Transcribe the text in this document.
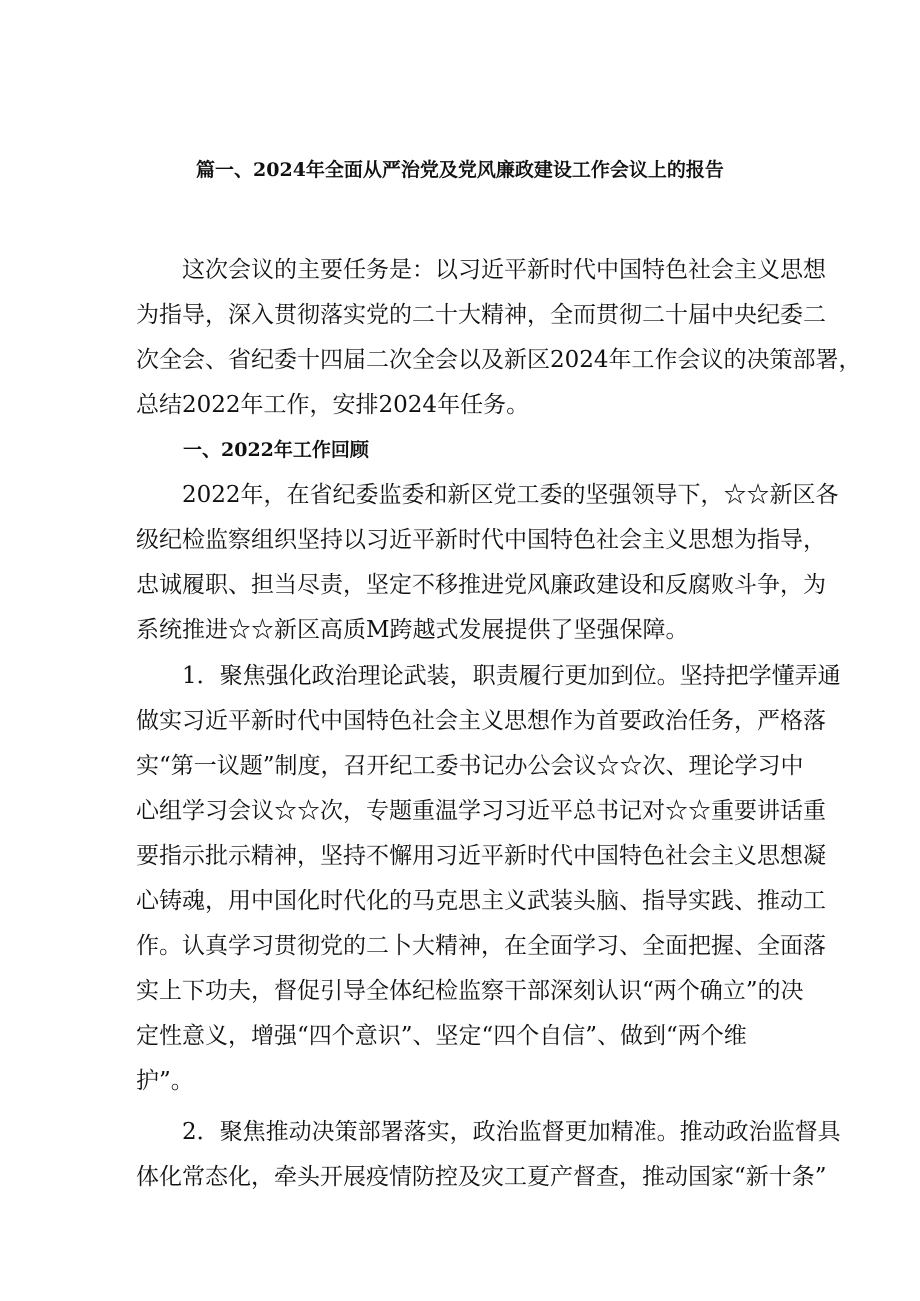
篇一、2024年全面从严治党及党风廉政建设工作会议上的报告
这次会议的主要任务是：以习近平新时代中国特色社会主义思想
为指导，深入贯彻落实党的二十大精神，全而贯彻二十届中央纪委二
次全会、省纪委十四届二次全会以及新区2024年工作会议的决策部署，
总结2022年工作，安排2024年任务。
一、2022年工作回顾
2022年，在省纪委监委和新区党工委的坚强领导下，☆☆新区各
级纪检监察组织坚持以习近平新时代中国特色社会主义思想为指导，
忠诚履职、担当尽责，坚定不移推进党风廉政建设和反腐败斗争，为
系统推进☆☆新区高质M跨越式发展提供了坚强保障。
1．聚焦强化政治理论武装，职责履行更加到位。坚持把学懂弄通
做实习近平新时代中国特色社会主义思想作为首要政治任务，严格落
实“第一议题”制度，召开纪工委书记办公会议☆☆次、理论学习中
心组学习会议☆☆次，专题重温学习习近平总书记对☆☆重要讲话重
要指示批示精神，坚持不懈用习近平新时代中国特色社会主义思想凝
心铸魂，用中国化时代化的马克思主义武装头脑、指导实践、推动工
作。认真学习贯彻党的二卜大精神，在全面学习、全面把握、全面落
实上下功夫，督促引导全体纪检监察干部深刻认识“两个确立”的决
定性意义，增强“四个意识”、坚定“四个自信”、做到“两个维
护”。
2．聚焦推动决策部署落实，政治监督更加精准。推动政治监督具
体化常态化，牵头开展疫情防控及灾工夏产督查，推动国家“新十条”
